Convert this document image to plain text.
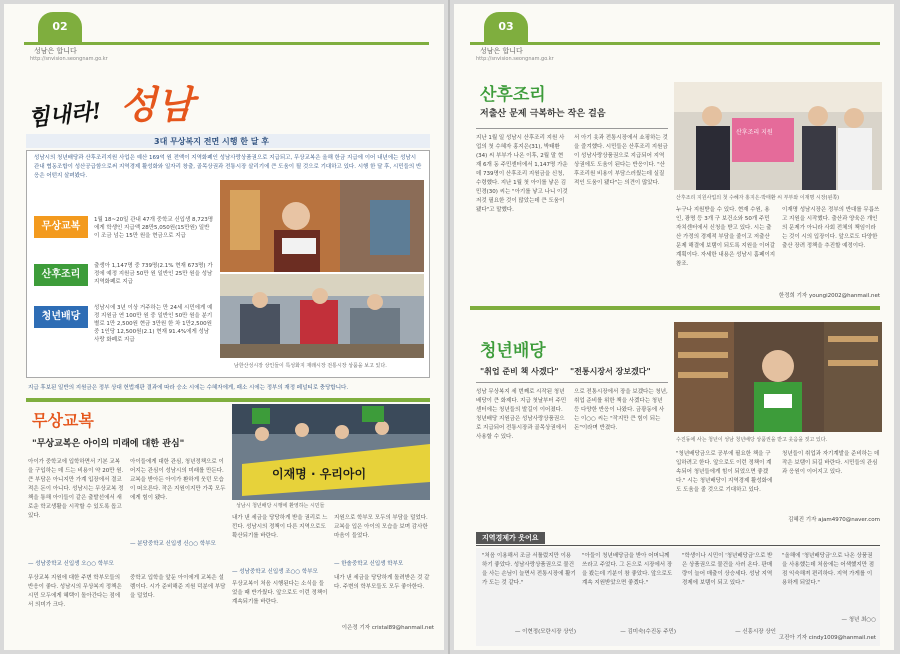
02
성남은 합니다
http://snvision.seongnam.go.kr
힘내라! 성남
3대 무상복지 전면 시행 한 달 후
성남시의 청년배당과 산후조리지원 사업은 예산 169억 원 전액이 지역화폐인 성남사랑상품권으로 지급되고, 무상교복은 올해 한금 지급에 이어 내년에는 성남시 관내 협동조합이 성산공급함으로써 지역경제 활성화와 일자리 창출, 골목상권과 전통시장 살리기에 큰 도움이 될 것으로 기대하고 있다. 시행 한 달 후, 시민들의 반응은 어떤지 살펴봤다.
무상교복
1월 18~20일 관내 47개 중학교 신입생 8,723명에게 학생인 지급액 28만5,050원(15만원) 일반이 조금 넘는 15만 원을 현금으로 지급
산후조리
출생아 1,147명 중 739명(2.1% 현재 673명) 가정에 예정 지원금 50만 원 일반인 25만 원을 성남지역화폐로 지급
청년배당
성남시에 3년 이상 거주하는 만 24세 시민에게 예정 지원금 연 100만 원 중 일반인 50만 원을 분기별로 1만 2,500원 현금 3만원 한 차 1만2,500원 중 1인당 12,500원(2.1) 현재 91.4%에게 성남사랑 화폐로 지급
남한산성시장 상인들이 특성화지 재래시장 전통시장 상품을 보고 있다.
지급 후보된 일반의 지원금은 정부 상대 헌법재판 결과에 따라 승소 시에는 수혜자에게, 패소 시에는 정부의 재정 페널티로 충당합니다.
무상교복
"무상교복은 아이의 미래에 대한 관심"
이재명 · 우리아이
성남시 청년배당 시행에 환영하는 시민들
아이가 중학교에 입학하면서 기본 교복을 구입하는 데 드는 비용이 약 20만 원. 큰 부담은 아니지만 가계 입장에서 결코 적은 돈이 아니다. 성남시는 무상교복 정책을 통해 아이들이 같은 출발선에서 새로운 학교생활을 시작할 수 있도록 돕고 있다.
— 성남중학교 신입생 오○○ 학부모
무상교복 지원에 대한 주변 학부모들의 반응이 좋다. 성남시의 무상복지 정책은 시민 모두에게 혜택이 돌아간다는 점에서 의미가 크다.
아이들에게 대한 관심, 청년정책으로 이어지는 관심이 성남시의 미래를 만든다. 교복을 받아든 아이가 환하게 웃던 모습이 떠오른다. 작은 지원이지만 가족 모두에게 힘이 됐다.
— 분당중학교 신입생 신○○ 학부모
중학교 입학을 앞둔 아이에게 교복은 설렘이다. 시가 준비해준 지원 덕분에 부담을 덜었다.
내가 낸 세금을 당당하게 받을 권리로 느낀다. 성남시의 정책이 다른 지역으로도 확산되기를 바란다.
— 성남중학교 신입생 조○○ 학부모
무상교복이 처음 시행된다는 소식을 들었을 때 반가웠다. 앞으로도 이런 정책이 계속되기를 바란다.
지원으로 학부모 모두의 부담을 덜었다. 교복을 입은 아이의 모습을 보며 감사한 마음이 들었다.
— 한솔중학교 신입생 학부모
내가 낸 세금을 당당하게 돌려받은 것 같다. 주변의 학부모들도 모두 좋아한다.
이은정 기자 cristal89@hanmail.net
03
성남은 합니다
http://snvision.seongnam.go.kr
산후조리
저출산 문제 극복하는 작은 걸음
산후조리 지원
산후조리 지원사업의 첫 수혜자 홍지은·박태환 씨 부부와 이재명 시장(왼쪽)
지난 1월 일 성남시 산후조리 지원 사업의 첫 수혜자 홍지은(31), 박태환(34) 씨 부부가 나온 이후, 2월 말 현재 6개 동 주민센터에서 1,147명 가운데 739명이 산후조리 지원금을 신청, 수령했다. 지난 1월 첫 아이를 낳은 김민경(30) 씨는 "아기를 낳고 나니 이것저것 필요한 것이 많았는데 큰 도움이 됐다"고 말했다.
서 아기 옷과 전통시장에서 쇼핑하는 것을 즐겨했다. 시민들은 산후조리 지원금이 성남사랑상품권으로 지급되어 지역 상권에도 도움이 된다는 반응이다. "산후조리원 비용이 부담스러웠는데 실질적인 도움이 됐다"는 의견이 많았다.
누구나 지원받을 수 있다. 현재 수원, 용인, 광명 등 3개 구 보건소와 50개 주민 자치센터에서 신청을 받고 있다. 시는 출산 가정의 경제적 부담을 줄이고 저출산 문제 해결에 보탬이 되도록 지원을 이어갈 계획이다. 자세한 내용은 성남시 홈페이지 참조.
이재명 성남시장은 정부의 반대를 무릅쓰고 지원을 시작했다. 출산과 양육은 개인의 문제가 아니라 사회 전체의 책임이라는 것이 시의 입장이다. 앞으로도 다양한 출산 장려 정책을 추진할 예정이다.
한정희 기자 youngi2002@hanmail.net
청년배당
"취업 준비 책 사겠다" "전통시장서 장보겠다"
수진동에 사는 청년이 성남 청년배당 상품권을 받고 웃음을 짓고 있다.
성남 무상복지 세 번째로 시작된 청년배당이 큰 화제다. 지급 첫날부터 주민센터에는 청년들의 발길이 이어졌다. 청년배당 지원금은 성남사랑상품권으로 지급되어 전통시장과 골목상권에서 사용할 수 있다.
으로 전통시장에서 장을 보겠다는 청년, 취업 준비를 위한 책을 사겠다는 청년 등 다양한 반응이 나왔다. 금광동에 사는 이○○ 씨는 "작지만 큰 힘이 되는 돈"이라며 반겼다.
"청년배당금으로 공부에 필요한 책을 구입하려고 한다. 앞으로도 이런 정책이 계속되어 청년들에게 힘이 되었으면 좋겠다." 시는 청년배당이 지역경제 활성화에도 도움을 줄 것으로 기대하고 있다.
청년들이 취업과 자기계발을 준비하는 데 작은 보탬이 되길 바란다. 시민들의 관심과 응원이 이어지고 있다.
김혜진 기자 ajam4970@naver.com
지역경제가 웃어요
"처음 이용해서 조금 서툴렀지만 이용하기 좋았다. 성남사랑상품권으로 물건을 사는 손님이 늘면서 전통시장에 활기가 도는 것 같다."
— 이현정(모란시장 상인)
"아들이 청년배당금을 받아 어머니께 쓰라고 주었다. 그 돈으로 시장에서 장을 봤는데 기분이 참 좋았다. 앞으로도 계속 지원받았으면 좋겠다."
— 김미숙(수진동 주민)
"학생이나 시민이 '청년배당금'으로 받은 상품권으로 물건을 사러 온다. 판매량이 늘어 매출이 상승세다. 성남 지역 경제에 보탬이 되고 있다."
— 신흥시장 상인
"올해에 '청년배당금'으로 나온 상품권을 사용했는데 처음에는 어색했지만 점점 익숙해져 편리하다. 지역 가게를 이용하게 되었다."
— 청년 최○○
고진아 기자 cindy1009@hanmail.net
